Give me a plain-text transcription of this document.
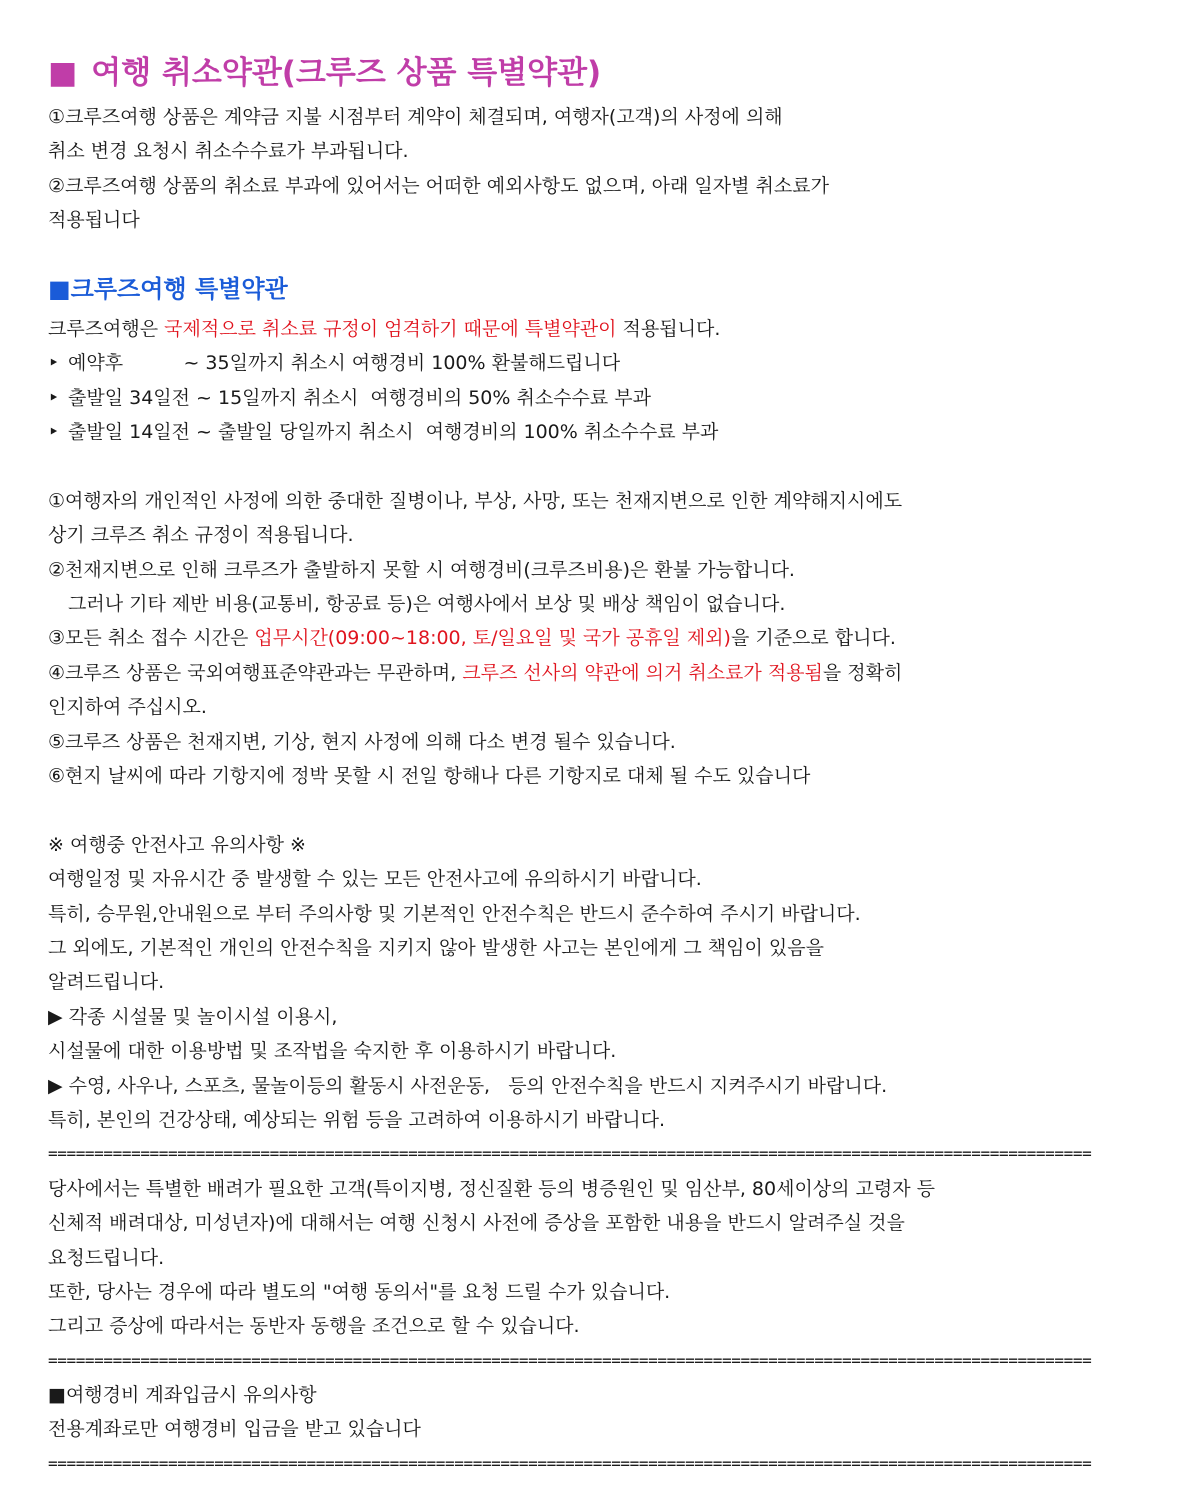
■ 여행 취소약관(크루즈 상품 특별약관)
①크루즈여행 상품은 계약금 지불 시점부터 계약이 체결되며, 여행자(고객)의 사정에 의해
취소 변경 요청시 취소수수료가 부과됩니다.
②크루즈여행 상품의 취소료 부과에 있어서는 어떠한 예외사항도 없으며, 아래 일자별 취소료가
적용됩니다
■크루즈여행 특별약관
크루즈여행은 국제적으로 취소료 규정이 엄격하기 때문에 특별약관이 적용됩니다.
‣ 예약후          ~ 35일까지 취소시 여행경비 100% 환불해드립니다
‣ 출발일 34일전 ~ 15일까지 취소시  여행경비의 50% 취소수수료 부과
‣ 출발일 14일전 ~ 출발일 당일까지 취소시  여행경비의 100% 취소수수료 부과
①여행자의 개인적인 사정에 의한 중대한 질병이나, 부상, 사망, 또는 천재지변으로 인한 계약해지시에도
상기 크루즈 취소 규정이 적용됩니다.
②천재지변으로 인해 크루즈가 출발하지 못할 시 여행경비(크루즈비용)은 환불 가능합니다.
그러나 기타 제반 비용(교통비, 항공료 등)은 여행사에서 보상 및 배상 책임이 없습니다.
③모든 취소 접수 시간은 업무시간(09:00~18:00, 토/일요일 및 국가 공휴일 제외)을 기준으로 합니다.
④크루즈 상품은 국외여행표준약관과는 무관하며, 크루즈 선사의 약관에 의거 취소료가 적용됨을 정확히
인지하여 주십시오.
⑤크루즈 상품은 천재지변, 기상, 현지 사정에 의해 다소 변경 될수 있습니다.
⑥현지 날씨에 따라 기항지에 정박 못할 시 전일 항해나 다른 기항지로 대체 될 수도 있습니다
※ 여행중 안전사고 유의사항 ※
여행일정 및 자유시간 중 발생할 수 있는 모든 안전사고에 유의하시기 바랍니다.
특히, 승무원,안내원으로 부터 주의사항 및 기본적인 안전수칙은 반드시 준수하여 주시기 바랍니다.
그 외에도, 기본적인 개인의 안전수칙을 지키지 않아 발생한 사고는 본인에게 그 책임이 있음을
알려드립니다.
▶ 각종 시설물 및 놀이시설 이용시,
시설물에 대한 이용방법 및 조작법을 숙지한 후 이용하시기 바랍니다.
▶ 수영, 사우나, 스포츠, 물놀이등의 활동시 사전운동,   등의 안전수칙을 반드시 지켜주시기 바랍니다.
특히, 본인의 건강상태, 예상되는 위험 등을 고려하여 이용하시기 바랍니다.
=================================================================================================================
당사에서는 특별한 배려가 필요한 고객(특이지병, 정신질환 등의 병증원인 및 임산부, 80세이상의 고령자 등
신체적 배려대상, 미성년자)에 대해서는 여행 신청시 사전에 증상을 포함한 내용을 반드시 알려주실 것을
요청드립니다.
또한, 당사는 경우에 따라 별도의 "여행 동의서"를 요청 드릴 수가 있습니다.
그리고 증상에 따라서는 동반자 동행을 조건으로 할 수 있습니다.
=================================================================================================================
■여행경비 계좌입금시 유의사항
전용계좌로만 여행경비 입금을 받고 있습니다
=================================================================================================================
